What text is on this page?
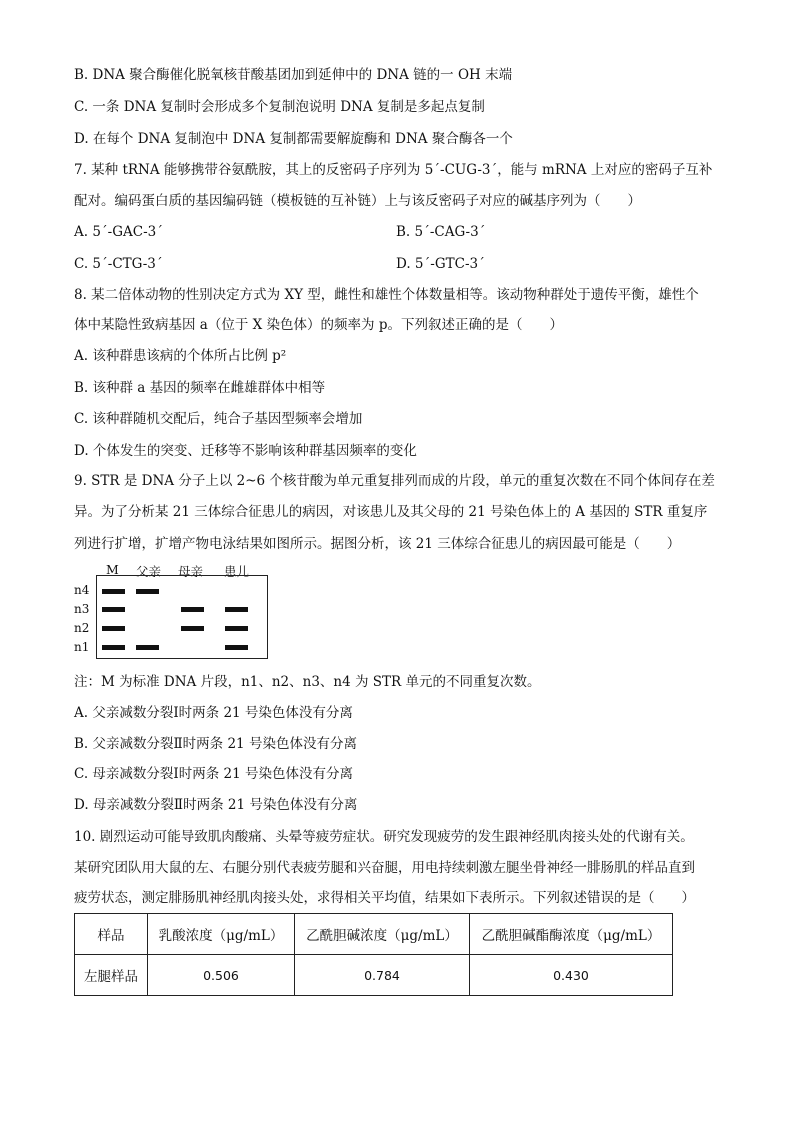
B. DNA 聚合酶催化脱氧核苷酸基团加到延伸中的 DNA 链的一 OH 末端
C. 一条 DNA 复制时会形成多个复制泡说明 DNA 复制是多起点复制
D. 在每个 DNA 复制泡中 DNA 复制都需要解旋酶和 DNA 聚合酶各一个
7. 某种 tRNA 能够携带谷氨酰胺，其上的反密码子序列为 5´-CUG-3´，能与 mRNA 上对应的密码子互补
配对。编码蛋白质的基因编码链（模板链的互补链）上与该反密码子对应的碱基序列为（　　）
A. 5´-GAC-3´	B. 5´-CAG-3´
C. 5´-CTG-3´	D. 5´-GTC-3´
8. 某二倍体动物的性别决定方式为 XY 型，雌性和雄性个体数量相等。该动物种群处于遗传平衡，雄性个
体中某隐性致病基因 a（位于 X 染色体）的频率为 p。下列叙述正确的是（　　）
A. 该种群患该病的个体所占比例 p²
B. 该种群 a 基因的频率在雌雄群体中相等
C. 该种群随机交配后，纯合子基因型频率会增加
D. 个体发生的突变、迁移等不影响该种群基因频率的变化
9. STR 是 DNA 分子上以 2~6 个核苷酸为单元重复排列而成的片段，单元的重复次数在不同个体间存在差
异。为了分析某 21 三体综合征患儿的病因，对该患儿及其父母的 21 号染色体上的 A 基因的 STR 重复序
列进行扩增，扩增产物电泳结果如图所示。据图分析，该 21 三体综合征患儿的病因最可能是（　　）
M 父亲 母亲 患儿
n4
n3
n2
n1
注：M 为标准 DNA 片段，n1、n2、n3、n4 为 STR 单元的不同重复次数。
A. 父亲减数分裂Ⅰ时两条 21 号染色体没有分离
B. 父亲减数分裂Ⅱ时两条 21 号染色体没有分离
C. 母亲减数分裂Ⅰ时两条 21 号染色体没有分离
D. 母亲减数分裂Ⅱ时两条 21 号染色体没有分离
10. 剧烈运动可能导致肌肉酸痛、头晕等疲劳症状。研究发现疲劳的发生跟神经肌肉接头处的代谢有关。
某研究团队用大鼠的左、右腿分别代表疲劳腿和兴奋腿，用电持续刺激左腿坐骨神经一腓肠肌的样品直到
疲劳状态，测定腓肠肌神经肌肉接头处，求得相关平均值，结果如下表所示。下列叙述错误的是（　　）
样品	乳酸浓度（μg/mL）	乙酰胆碱浓度（μg/mL）	乙酰胆碱酯酶浓度（μg/mL）
左腿样品	0.506	0.784	0.430
